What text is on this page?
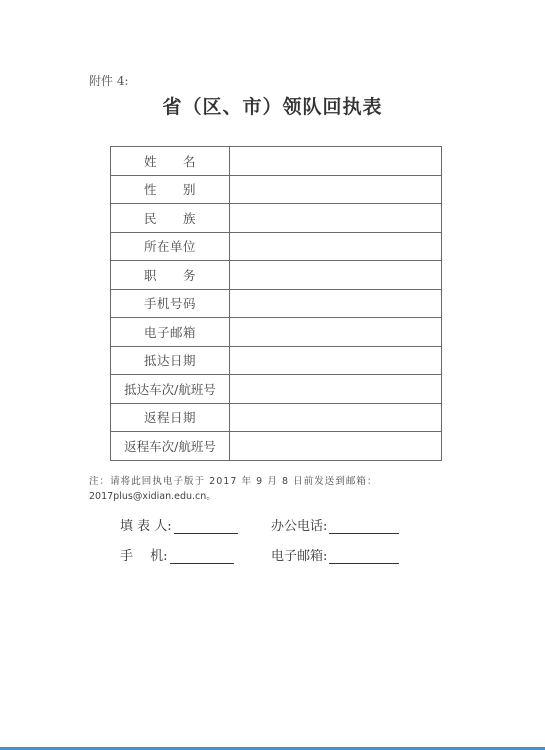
附件 4:
省（区、市）领队回执表
姓　　名	
性　　别	
民　　族	
所在单位	
职　　务	
手机号码	
电子邮箱	
抵达日期	
抵达车次/航班号	
返程日期	
返程车次/航班号	
注：请将此回执电子版于 2017 年 9 月 8 日前发送到邮箱：
2017plus@xidian.edu.cn。
填 表 人:	办公电话:
手　 机:	电子邮箱:
